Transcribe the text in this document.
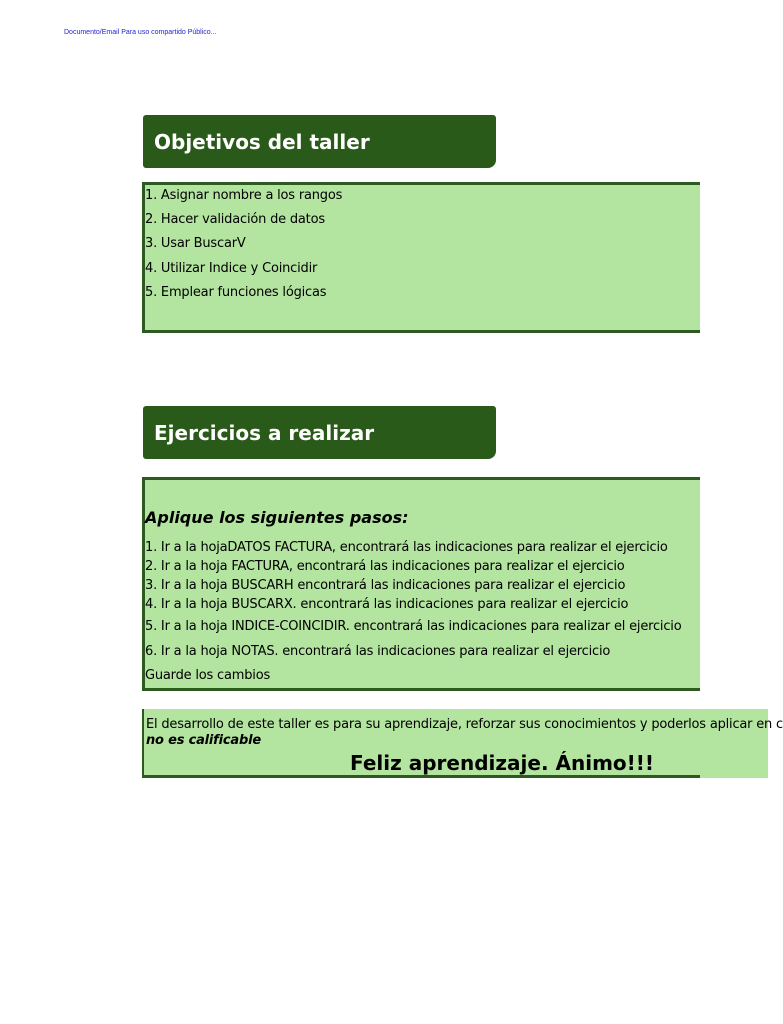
Documento/Email Para uso compartido Público...
Objetivos del taller
1. Asignar nombre a los rangos
2. Hacer validación de datos
3. Usar BuscarV
4. Utilizar Indice y Coincidir
5. Emplear funciones lógicas
Ejercicios a realizar
Aplique los siguientes pasos:
1. Ir a la hojaDATOS FACTURA, encontrará las indicaciones para realizar el ejercicio
2. Ir a la hoja FACTURA, encontrará las indicaciones para realizar el ejercicio
3. Ir a la hoja BUSCARH encontrará las indicaciones para realizar el ejercicio
4. Ir a la hoja BUSCARX. encontrará las indicaciones para realizar el ejercicio
5. Ir a la hoja INDICE-COINCIDIR. encontrará las indicaciones para realizar el ejercicio
6. Ir a la hoja NOTAS. encontrará las indicaciones para realizar el ejercicio
Guarde los cambios
El desarrollo de este taller es para su aprendizaje, reforzar sus conocimientos y poderlos aplicar en c
no es calificable
Feliz aprendizaje. Ánimo!!!
